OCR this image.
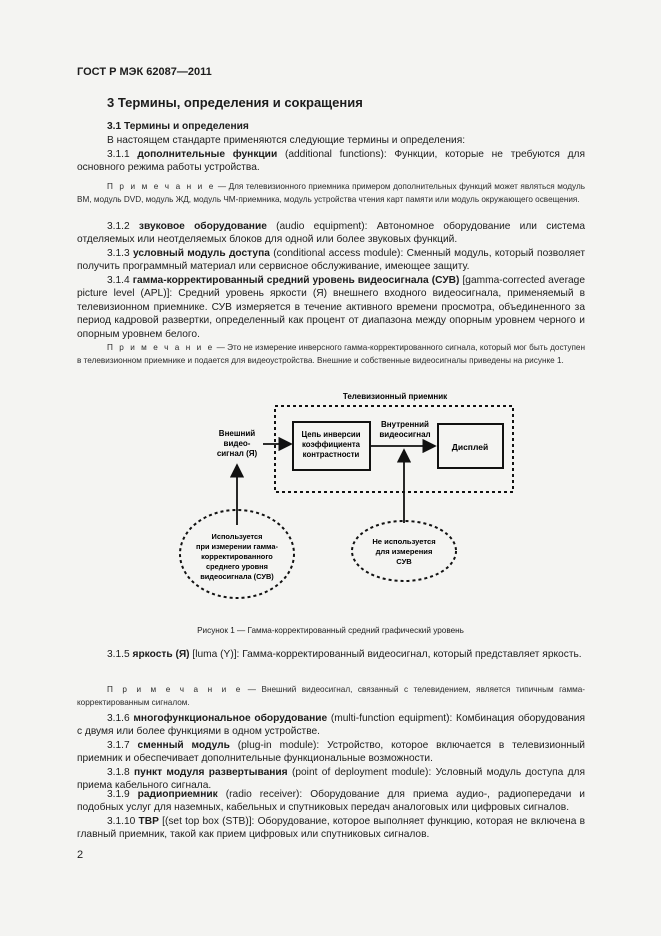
ГОСТ Р МЭК 62087—2011
3 Термины, определения и сокращения
3.1 Термины и определения
В настоящем стандарте применяются следующие термины и определения:
3.1.1 дополнительные функции (additional functions): Функции, которые не требуются для основного режима работы устройства.
П р и м е ч а н и е — Для телевизионного приемника примером дополнительных функций может являться модуль ВМ, модуль DVD, модуль ЖД, модуль ЧМ-приемника, модуль устройства чтения карт памяти или модуль окружающего освещения.
3.1.2 звуковое оборудование (audio equipment): Автономное оборудование или система отделяемых или неотделяемых блоков для одной или более звуковых функций.
3.1.3 условный модуль доступа (conditional access module): Сменный модуль, который позволяет получить программный материал или сервисное обслуживание, имеющее защиту.
3.1.4 гамма-корректированный средний уровень видеосигнала (СУВ) [gamma-corrected average picture level (APL)]: Средний уровень яркости (Я) внешнего входного видеосигнала, применяемый в телевизионном приемнике. СУВ измеряется в течение активного времени просмотра, объединенного за период кадровой развертки, определенный как процент от диапазона между опорным уровнем черного и опорным уровнем белого.
П р и м е ч а н и е — Это не измерение инверсного гамма-корректированного сигнала, который мог быть доступен в телевизионном приемнике и подается для видеоустройства. Внешние и собственные видеосигналы приведены на рисунке 1.
Телевизионный приемник
Внешний
видео-
сигнал (Я)
Цепь инверсии
коэффициента
контрастности
Внутренний
видеосигнал
Дисплей
Используется
при измерении гамма-
корректированного
среднего уровня
видеосигнала (СУВ)
Не используется
для измерения
СУВ
Рисунок 1 — Гамма-корректированный средний графический уровень
3.1.5 яркость (Я) [luma (Y)]: Гамма-корректированный видеосигнал, который представляет яркость.
П р и м е ч а н и е — Внешний видеосигнал, связанный с телевидением, является типичным гамма-корректированным сигналом.
3.1.6 многофункциональное оборудование (multi-function equipment): Комбинация оборудования с двумя или более функциями в одном устройстве.
3.1.7 сменный модуль (plug-in module): Устройство, которое включается в телевизионный приемник и обеспечивает дополнительные функциональные возможности.
3.1.8 пункт модуля развертывания (point of deployment module): Условный модуль доступа для приема кабельного сигнала.
3.1.9 радиоприемник (radio receiver): Оборудование для приема аудио-, радиопередачи и подобных услуг для наземных, кабельных и спутниковых передач аналоговых или цифровых сигналов.
3.1.10 ТВР [(set top box (STB)]: Оборудование, которое выполняет функцию, которая не включена в главный приемник, такой как прием цифровых или спутниковых сигналов.
2
